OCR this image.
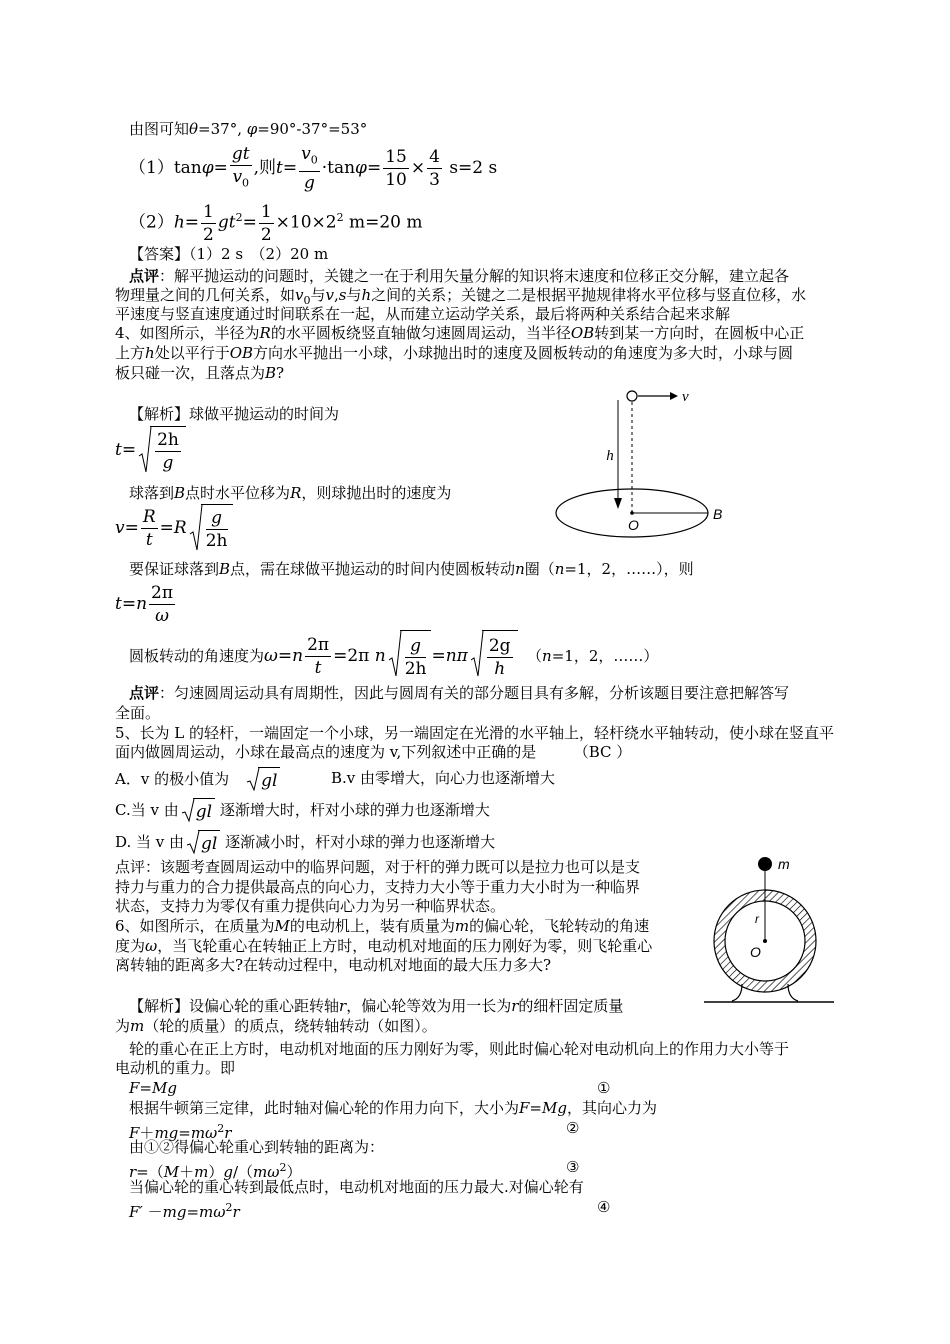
由图可知θ=37°, φ=90°-37°=53°
$(1)\tan\varphi= \frac{gt}{v_0}$ ,则$t= \frac{v_0}{g} \cdot\tan\varphi= \frac{15}{10} \times \frac{4}{3} s=2$ s
$(2)h= \frac{1}{2} gt^2= \frac{1}{2} \times 10\times 2^2$ m=20 m
【答案】（1）2 s　（2）20 m
点评：解平抛运动的问题时，关键之一在于利用矢量分解的知识将末速度和位移正交分解，建立起各
物理量之间的几何关系，如$v_0$与v,s与h之间的关系；关键之二是根据平抛规律将水平位移与竖直位移，水
平速度与竖直速度通过时间联系在一起，从而建立运动学关系，最后将两种关系结合起来求解
4、如图所示，半径为R的水平圆板绕竖直轴做匀速圆周运动，当半径OB转到某一方向时，在圆板中心正
上方h处以平行于OB方向水平抛出一小球，小球抛出时的速度及圆板转动的角速度为多大时，小球与圆
板只碰一次，且落点为B?
v
h
O
B
【解析】球做平抛运动的时间为
$t= \frac{2h}{g}$
球落到B点时水平位移为R，则球抛出时的速度为
$v= \frac{R}{t} =R \frac{g}{2h}$
要保证球落到B点，需在球做平抛运动的时间内使圆板转动n圈（n=1，2，……），则
$t=n \frac{2\pi}{\omega}$
圆板转动的角速度为$\omega=n \frac{2\pi}{t} =2\pi$ n $\frac{g}{2h} =n\pi \frac{2g}{h}$
　 （n=1，2，……）
点评：匀速圆周运动具有周期性，因此与圆周有关的部分题目具有多解，分析该题目要注意把解答写
全面。
5、长为 L 的轻杆，一端固定一个小球，另一端固定在光滑的水平轴上，轻杆绕水平轴转动，使小球在竖直平
面内做圆周运动，小球在最高点的速度为 v,下列叙述中正确的是　　　（BC ）
A．v 的极小值为　 gl	B.v 由零增大，向心力也逐渐增大
C.当 v 由 gl 逐渐增大时，杆对小球的弹力也逐渐增大
D. 当 v 由 gl 逐渐减小时，杆对小球的弹力也逐渐增大
点评：该题考查圆周运动中的临界问题，对于杆的弹力既可以是拉力也可以是支
持力与重力的合力提供最高点的向心力，支持力大小等于重力大小时为一种临界
状态，支持力为零仅有重力提供向心力为另一种临界状态。
6、如图所示，在质量为M的电动机上，装有质量为m的偏心轮，飞轮转动的角速
度为ω，当飞轮重心在转轴正上方时，电动机对地面的压力刚好为零，则飞轮重心
离转轴的距离多大?在转动过程中，电动机对地面的最大压力多大?
m
r
O
【解析】设偏心轮的重心距转轴r，偏心轮等效为用一长为r的细杆固定质量
为m（轮的质量）的质点，绕转轴转动（如图）。
轮的重心在正上方时，电动机对地面的压力刚好为零，则此时偏心轮对电动机向上的作用力大小等于
电动机的重力。即
F=Mg	①
根据牛顿第三定律，此时轴对偏心轮的作用力向下，大小为F=Mg，其向心力为
$F+mg=m\omega^2r$	②
由①②得偏心轮重心到转轴的距离为：
$r=(M+m)g/(m\omega^2)$	③
当偏心轮的重心转到最低点时，电动机对地面的压力最大.对偏心轮有
$F' -mg=m\omega^2r$	④
